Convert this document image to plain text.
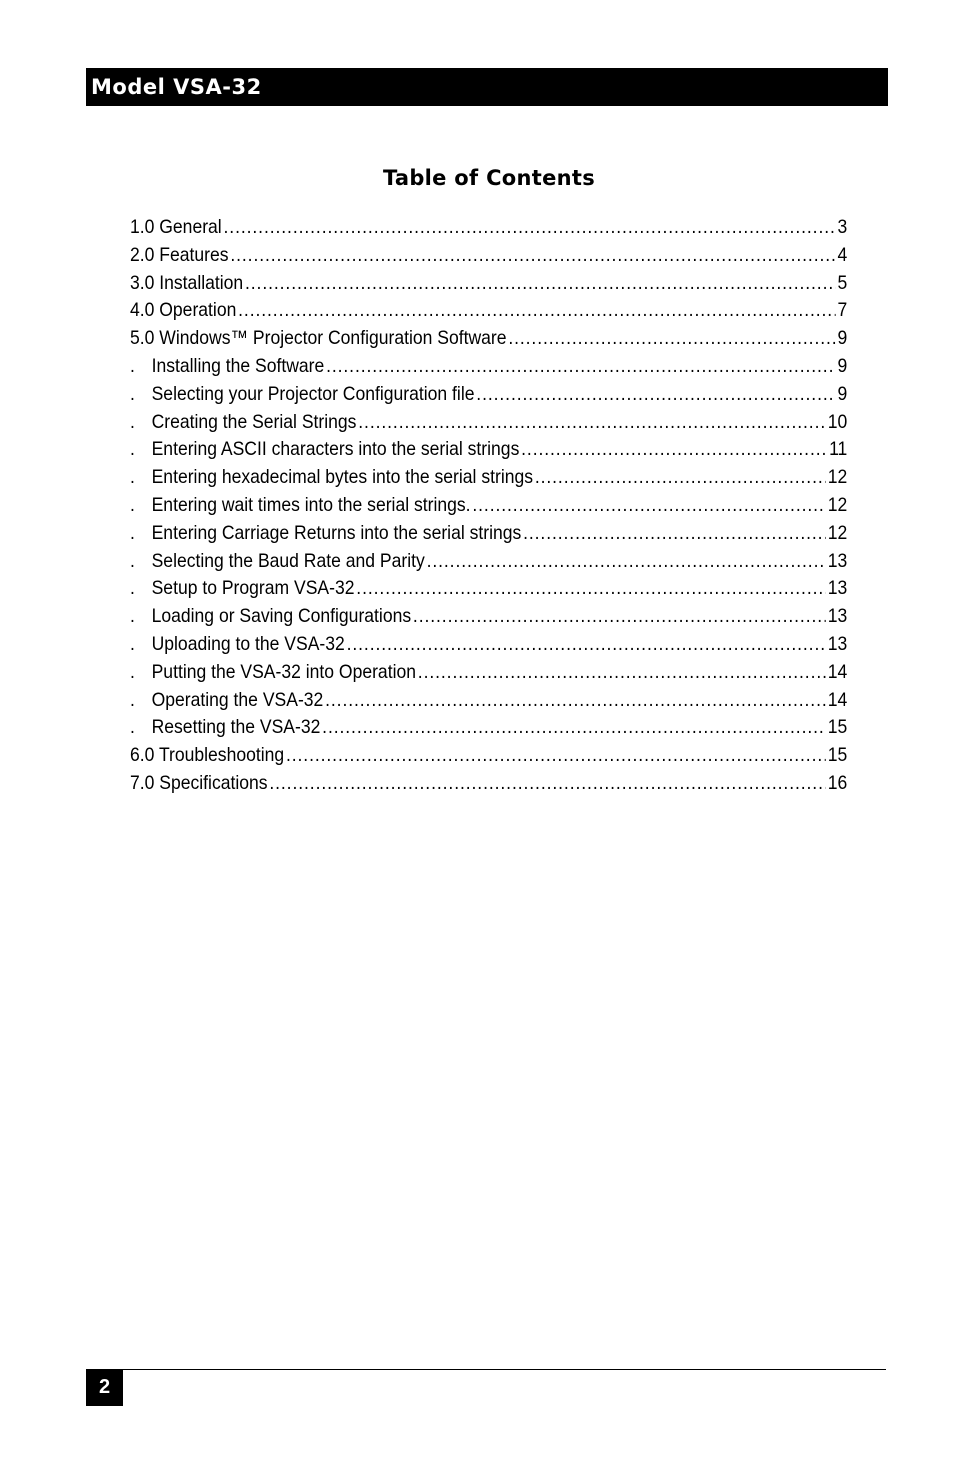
Model VSA-32
Table of Contents
1.0 General .....	3
2.0 Features .....	4
3.0 Installation .....	5
4.0 Operation .....	7
5.0 Windows™ Projector Configuration Software .....	9
. Installing the Software .....	9
. Selecting your Projector Configuration file .....	9
. Creating the Serial Strings .....	10
. Entering ASCII characters into the serial strings .....	11
. Entering hexadecimal bytes into the serial strings .....	12
. Entering wait times into the serial strings. .....	12
. Entering Carriage Returns into the serial strings .....	12
. Selecting the Baud Rate and Parity .....	13
. Setup to Program VSA-32 .....	13
. Loading or Saving Configurations .....	13
. Uploading to the VSA-32 .....	13
. Putting the VSA-32 into Operation .....	14
. Operating the VSA-32 .....	14
. Resetting the VSA-32 .....	15
6.0 Troubleshooting .....	15
7.0 Specifications .....	16
2
